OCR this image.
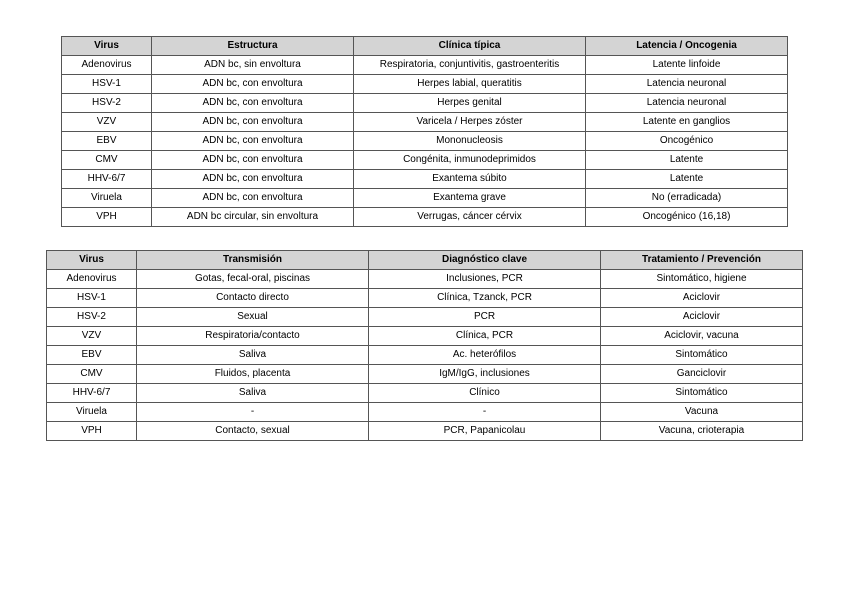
Virus	Estructura	Clínica típica	Latencia / Oncogenia
Adenovirus	ADN bc, sin envoltura	Respiratoria, conjuntivitis, gastroenteritis	Latente linfoide
HSV-1	ADN bc, con envoltura	Herpes labial, queratitis	Latencia neuronal
HSV-2	ADN bc, con envoltura	Herpes genital	Latencia neuronal
VZV	ADN bc, con envoltura	Varicela / Herpes zóster	Latente en ganglios
EBV	ADN bc, con envoltura	Mononucleosis	Oncogénico
CMV	ADN bc, con envoltura	Congénita, inmunodeprimidos	Latente
HHV-6/7	ADN bc, con envoltura	Exantema súbito	Latente
Viruela	ADN bc, con envoltura	Exantema grave	No (erradicada)
VPH	ADN bc circular, sin envoltura	Verrugas, cáncer cérvix	Oncogénico (16,18)
Virus	Transmisión	Diagnóstico clave	Tratamiento / Prevención
Adenovirus	Gotas, fecal-oral, piscinas	Inclusiones, PCR	Sintomático, higiene
HSV-1	Contacto directo	Clínica, Tzanck, PCR	Aciclovir
HSV-2	Sexual	PCR	Aciclovir
VZV	Respiratoria/contacto	Clínica, PCR	Aciclovir, vacuna
EBV	Saliva	Ac. heterófilos	Sintomático
CMV	Fluidos, placenta	IgM/IgG, inclusiones	Ganciclovir
HHV-6/7	Saliva	Clínico	Sintomático
Viruela	-	-	Vacuna
VPH	Contacto, sexual	PCR, Papanicolau	Vacuna, crioterapia
